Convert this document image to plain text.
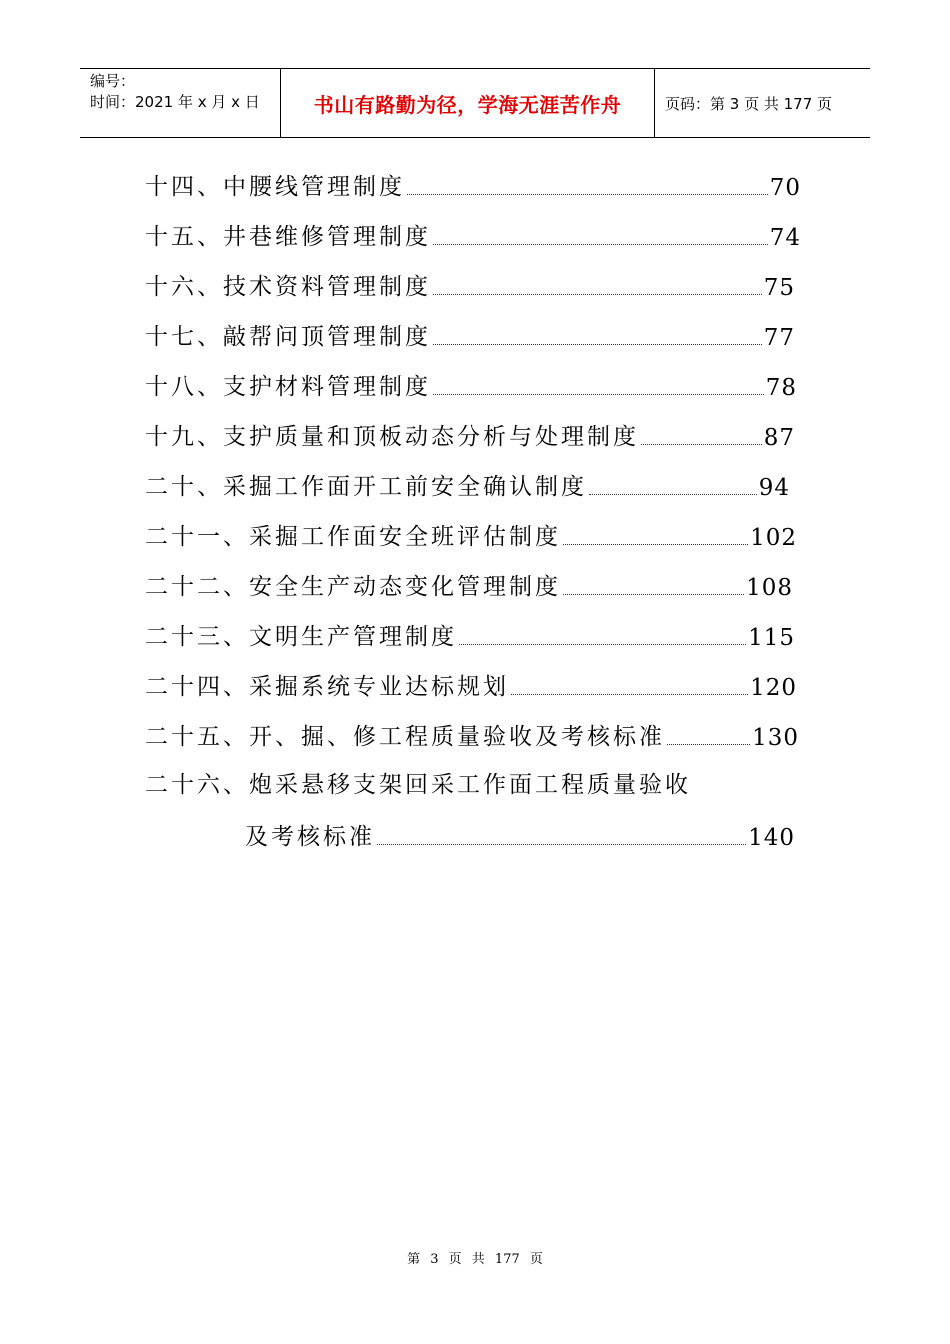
编号：
时间：2021 年 x 月 x 日	书山有路勤为径，学海无涯苦作舟	页码：第 3 页 共 177 页
十四、中腰线管理制度	70
十五、井巷维修管理制度	74
十六、技术资料管理制度	75
十七、敲帮问顶管理制度	77
十八、支护材料管理制度	78
十九、支护质量和顶板动态分析与处理制度	87
二十、采掘工作面开工前安全确认制度	94
二十一、采掘工作面安全班评估制度	102
二十二、安全生产动态变化管理制度	108
二十三、文明生产管理制度	115
二十四、采掘系统专业达标规划	120
二十五、开、掘、修工程质量验收及考核标准	130
二十六、炮采悬移支架回采工作面工程质量验收
及考核标准	140
第 3 页 共 177 页
